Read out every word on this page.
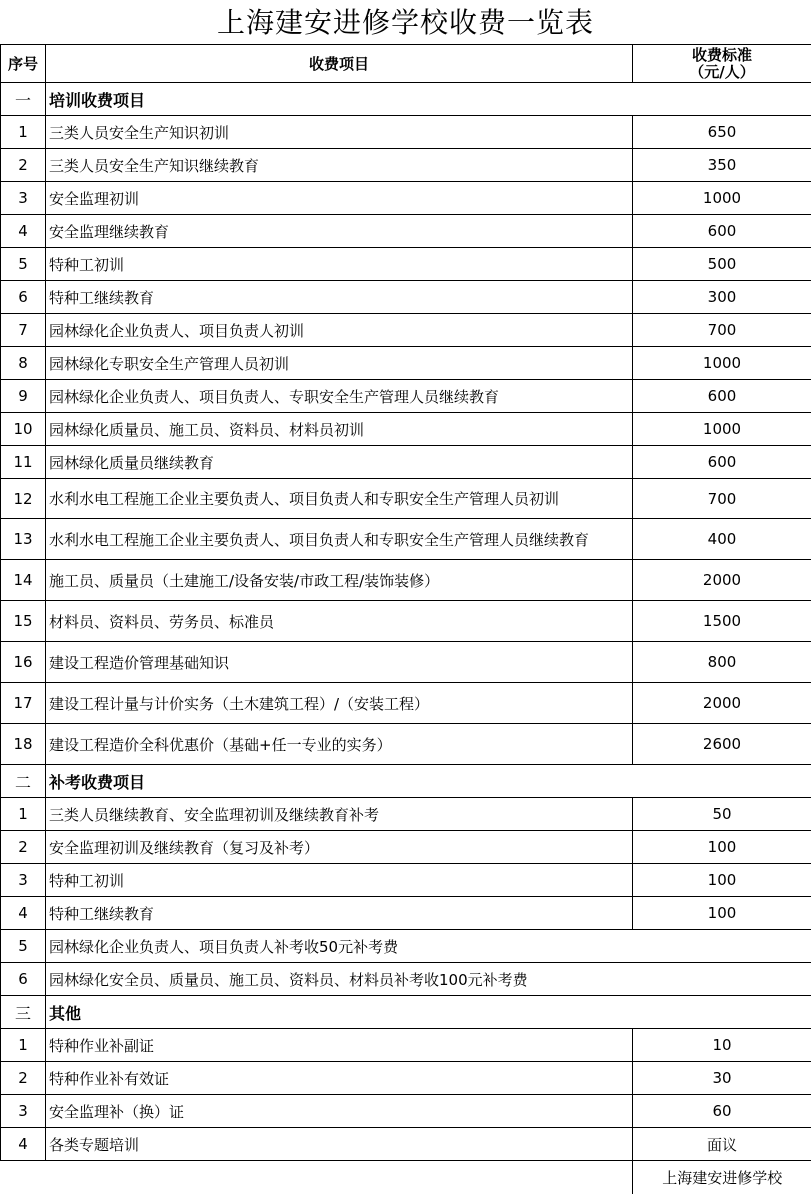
上海建安进修学校收费一览表
序号	收费项目	收费标准
（元/人）

一	培训收费项目	
1	三类人员安全生产知识初训	650
2	三类人员安全生产知识继续教育	350
3	安全监理初训	1000
4	安全监理继续教育	600
5	特种工初训	500
6	特种工继续教育	300
7	园林绿化企业负责人、项目负责人初训	700
8	园林绿化专职安全生产管理人员初训	1000
9	园林绿化企业负责人、项目负责人、专职安全生产管理人员继续教育	600
10	园林绿化质量员、施工员、资料员、材料员初训	1000
11	园林绿化质量员继续教育	600
12	水利水电工程施工企业主要负责人、项目负责人和专职安全生产管理人员初训	700
13	水利水电工程施工企业主要负责人、项目负责人和专职安全生产管理人员继续教育	400
14	施工员、质量员（土建施工/设备安装/市政工程/装饰装修）	2000
15	材料员、资料员、劳务员、标准员	1500
16	建设工程造价管理基础知识	800
17	建设工程计量与计价实务（土木建筑工程）/（安装工程）	2000
18	建设工程造价全科优惠价（基础+任一专业的实务）	2600
二	补考收费项目	
1	三类人员继续教育、安全监理初训及继续教育补考	50
2	安全监理初训及继续教育（复习及补考）	100
3	特种工初训	100
4	特种工继续教育	100
5	园林绿化企业负责人、项目负责人补考收50元补考费	
6	园林绿化安全员、质量员、施工员、资料员、材料员补考收100元补考费	
三	其他	
1	特种作业补副证	10
2	特种作业补有效证	30
3	安全监理补（换）证	60
4	各类专题培训	面议
		上海建安进修学校
